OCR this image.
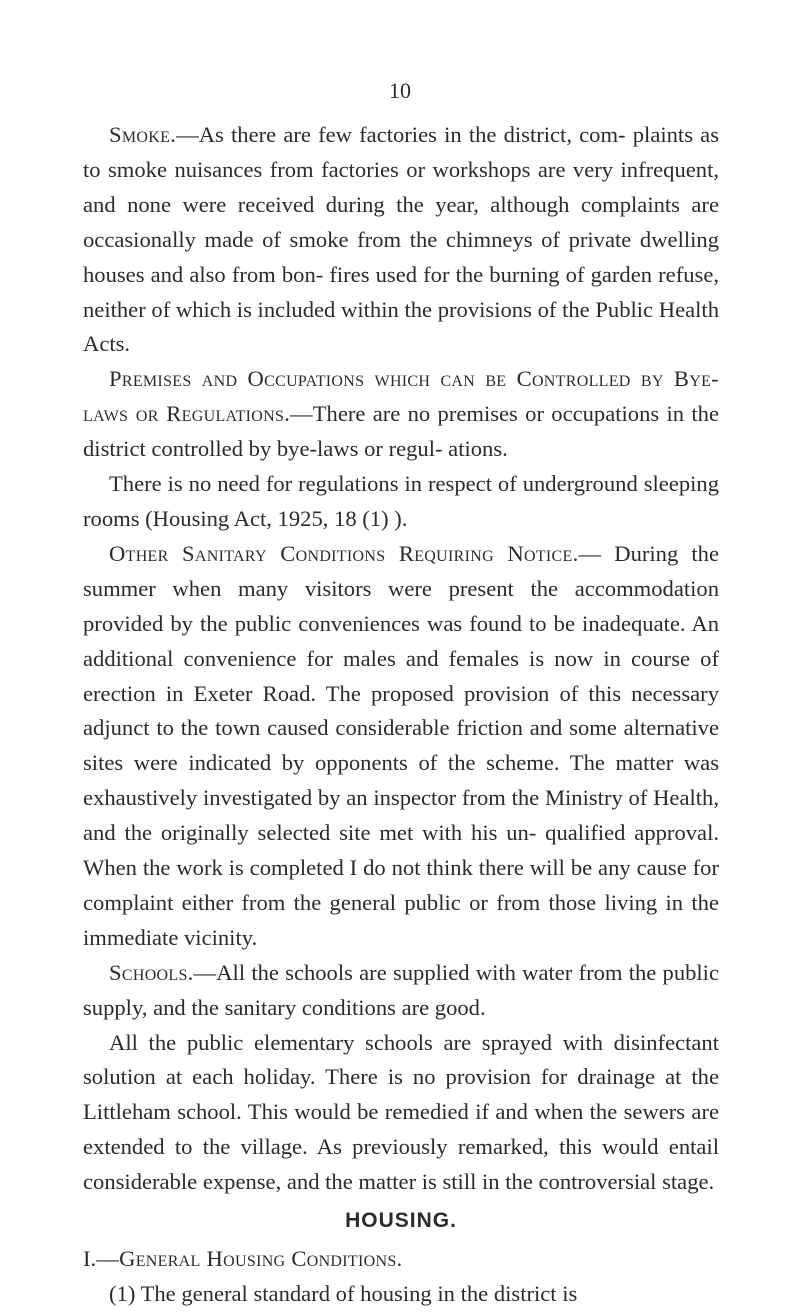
10

Smoke.—As there are few factories in the district, com- plaints as to smoke nuisances from factories or workshops are very infrequent, and none were received during the year, although complaints are occasionally made of smoke from the chimneys of private dwelling houses and also from bon- fires used for the burning of garden refuse, neither of which is included within the provisions of the Public Health Acts.

Premises and Occupations which can be Controlled by Bye-laws or Regulations.—There are no premises or occupations in the district controlled by bye-laws or regul- ations.

There is no need for regulations in respect of underground sleeping rooms (Housing Act, 1925, 18 (1) ).

Other Sanitary Conditions Requiring Notice.— During the summer when many visitors were present the accommodation provided by the public conveniences was found to be inadequate. An additional convenience for males and females is now in course of erection in Exeter Road. The proposed provision of this necessary adjunct to the town caused considerable friction and some alternative sites were indicated by opponents of the scheme. The matter was exhaustively investigated by an inspector from the Ministry of Health, and the originally selected site met with his un- qualified approval. When the work is completed I do not think there will be any cause for complaint either from the general public or from those living in the immediate vicinity.

Schools.—All the schools are supplied with water from the public supply, and the sanitary conditions are good.

All the public elementary schools are sprayed with disinfectant solution at each holiday. There is no provision for drainage at the Littleham school. This would be remedied if and when the sewers are extended to the village. As previously remarked, this would entail considerable expense, and the matter is still in the controversial stage.

HOUSING.

I.—General Housing Conditions.

(1) The general standard of housing in the district is
